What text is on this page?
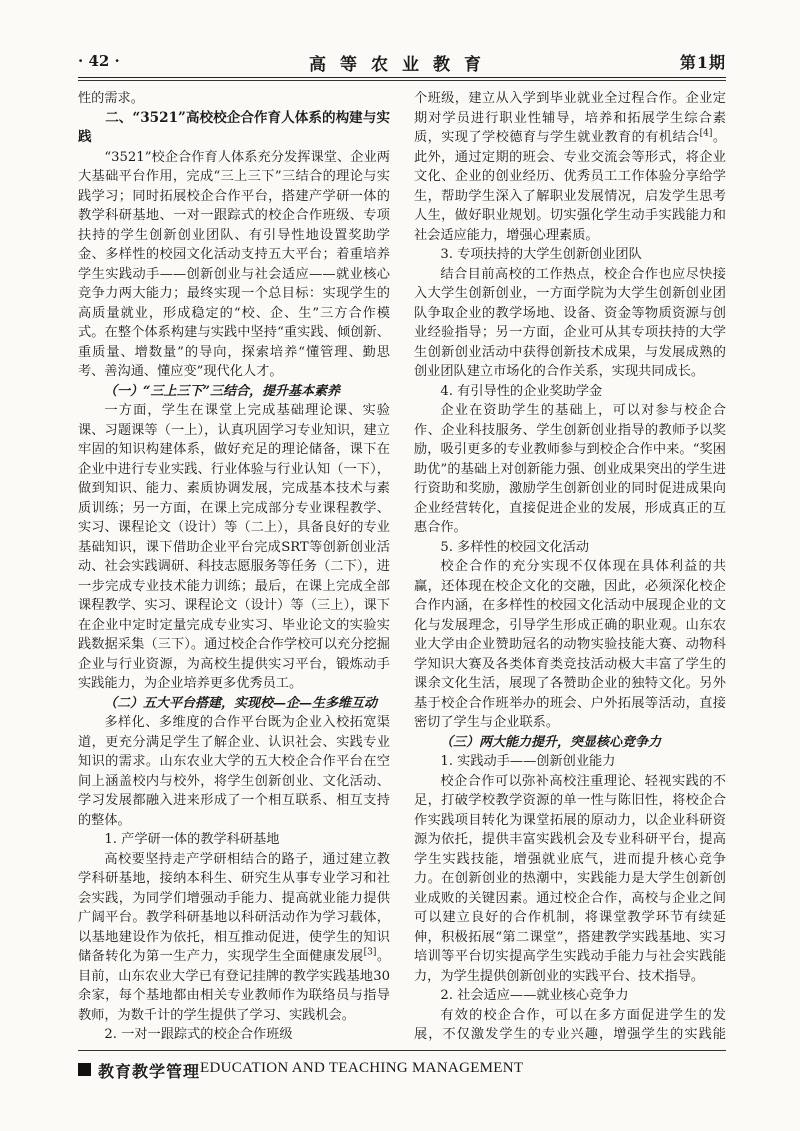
· 42 ·	高等农业教育	第1期

性的需求。

二、“3521”高校校企合作育人体系的构建与实践

“3521”校企合作育人体系充分发挥课堂、企业两大基础平台作用，完成“三上三下”三结合的理论与实践学习；同时拓展校企合作平台，搭建产学研一体的教学科研基地、一对一跟踪式的校企合作班级、专项扶持的学生创新创业团队、有引导性地设置奖助学金、多样性的校园文化活动支持五大平台；着重培养学生实践动手——创新创业与社会适应——就业核心竞争力两大能力；最终实现一个总目标：实现学生的高质量就业，形成稳定的“校、企、生”三方合作模式。在整个体系构建与实践中坚持“重实践、倾创新、重质量、增数量”的导向，探索培养“懂管理、勤思考、善沟通、懂应变”现代化人才。

（一）“三上三下”三结合，提升基本素养

一方面，学生在课堂上完成基础理论课、实验课、习题课等（一上），认真巩固学习专业知识，建立牢固的知识构建体系，做好充足的理论储备，课下在企业中进行专业实践、行业体验与行业认知（一下），做到知识、能力、素质协调发展，完成基本技术与素质训练；另一方面，在课上完成部分专业课程教学、实习、课程论文（设计）等（二上），具备良好的专业基础知识，课下借助企业平台完成SRT等创新创业活动、社会实践调研、科技志愿服务等任务（二下），进一步完成专业技术能力训练；最后，在课上完成全部课程教学、实习、课程论文（设计）等（三上），课下在企业中定时定量完成专业实习、毕业论文的实验实践数据采集（三下）。通过校企合作学校可以充分挖掘企业与行业资源，为高校生提供实习平台，锻炼动手实践能力，为企业培养更多优秀员工。

（二）五大平台搭建，实现校—企—生多维互动

多样化、多维度的合作平台既为企业入校拓宽渠道，更充分满足学生了解企业、认识社会、实践专业知识的需求。山东农业大学的五大校企合作平台在空间上涵盖校内与校外，将学生创新创业、文化活动、学习发展都融入进来形成了一个相互联系、相互支持的整体。

1. 产学研一体的教学科研基地

高校要坚持走产学研相结合的路子，通过建立教学科研基地，接纳本科生、研究生从事专业学习和社会实践，为同学们增强动手能力、提高就业能力提供广阔平台。教学科研基地以科研活动作为学习载体，以基地建设作为依托，相互推动促进，使学生的知识储备转化为第一生产力，实现学生全面健康发展[3]。目前，山东农业大学已有登记挂牌的教学实践基地30余家，每个基地都由相关专业教师作为联络员与指导教师，为数千计的学生提供了学习、实践机会。

2. 一对一跟踪式的校企合作班级

个班级，建立从入学到毕业就业全过程合作。企业定期对学员进行职业性辅导，培养和拓展学生综合素质，实现了学校德育与学生就业教育的有机结合[4]。此外，通过定期的班会、专业交流会等形式，将企业文化、企业的创业经历、优秀员工工作体验分享给学生，帮助学生深入了解职业发展情况，启发学生思考人生，做好职业规划。切实强化学生动手实践能力和社会适应能力，增强心理素质。

3. 专项扶持的大学生创新创业团队

结合目前高校的工作热点，校企合作也应尽快接入大学生创新创业，一方面学院为大学生创新创业团队争取企业的教学场地、设备、资金等物质资源与创业经验指导；另一方面，企业可从其专项扶持的大学生创新创业活动中获得创新技术成果，与发展成熟的创业团队建立市场化的合作关系，实现共同成长。

4. 有引导性的企业奖助学金

企业在资助学生的基础上，可以对参与校企合作、企业科技服务、学生创新创业指导的教师予以奖励，吸引更多的专业教师参与到校企合作中来。“奖困助优”的基础上对创新能力强、创业成果突出的学生进行资助和奖励，激励学生创新创业的同时促进成果向企业经营转化，直接促进企业的发展，形成真正的互惠合作。

5. 多样性的校园文化活动

校企合作的充分实现不仅体现在具体利益的共赢，还体现在校企文化的交融，因此，必须深化校企合作内涵，在多样性的校园文化活动中展现企业的文化与发展理念，引导学生形成正确的职业观。山东农业大学由企业赞助冠名的动物实验技能大赛、动物科学知识大赛及各类体育类竞技活动极大丰富了学生的课余文化生活，展现了各赞助企业的独特文化。另外基于校企合作班举办的班会、户外拓展等活动，直接密切了学生与企业联系。

（三）两大能力提升，突显核心竞争力

1. 实践动手——创新创业能力

校企合作可以弥补高校注重理论、轻视实践的不足，打破学校教学资源的单一性与陈旧性，将校企合作实践项目转化为课堂拓展的原动力，以企业科研资源为依托，提供丰富实践机会及专业科研平台，提高学生实践技能，增强就业底气，进而提升核心竞争力。在创新创业的热潮中，实践能力是大学生创新创业成败的关键因素。通过校企合作，高校与企业之间可以建立良好的合作机制，将课堂教学环节有续延伸，积极拓展“第二课堂”，搭建教学实践基地、实习培训等平台切实提高学生实践动手能力与社会实践能力，为学生提供创新创业的实践平台、技术指导。

2. 社会适应——就业核心竞争力

有效的校企合作，可以在多方面促进学生的发展，不仅激发学生的专业兴趣，增强学生的实践能

教育教学管理 EDUCATION AND TEACHING MANAGEMENT
